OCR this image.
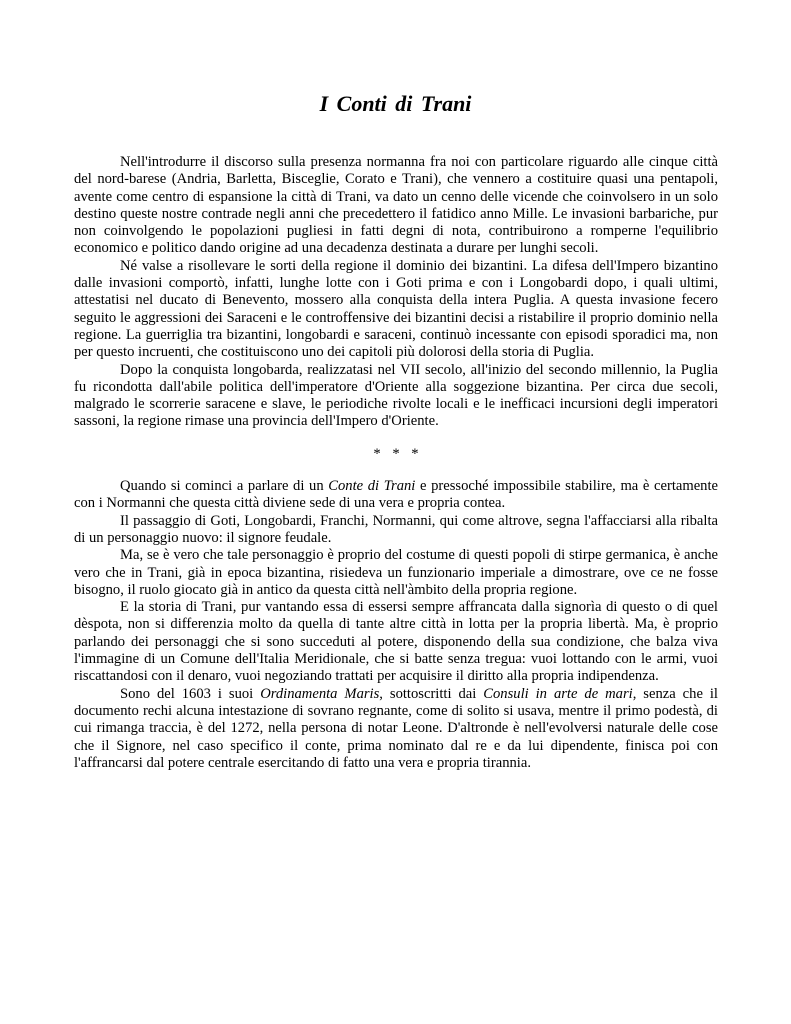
I Conti di Trani

Nell'introdurre il discorso sulla presenza normanna fra noi con particolare riguardo alle cinque città del nord-barese (Andria, Barletta, Bisceglie, Corato e Trani), che vennero a costituire quasi una pentapoli, avente come centro di espansione la città di Trani, va dato un cenno delle vicende che coinvolsero in un solo destino queste nostre contrade negli anni che precedettero il fatidico anno Mille. Le invasioni barbariche, pur non coinvolgendo le popolazioni pugliesi in fatti degni di nota, contribuirono a romperne l'equilibrio economico e politico dando origine ad una decadenza destinata a durare per lunghi secoli.

Né valse a risollevare le sorti della regione il dominio dei bizantini. La difesa dell'Impero bizantino dalle invasioni comportò, infatti, lunghe lotte con i Goti prima e con i Longobardi dopo, i quali ultimi, attestatisi nel ducato di Benevento, mossero alla conquista della intera Puglia. A questa invasione fecero seguito le aggressioni dei Saraceni e le controffensive dei bizantini decisi a ristabilire il proprio dominio nella regione. La guerriglia tra bizantini, longobardi e saraceni, continuò incessante con episodi sporadici ma, non per questo incruenti, che costituiscono uno dei capitoli più dolorosi della storia di Puglia.

Dopo la conquista longobarda, realizzatasi nel VII secolo, all'inizio del secondo millennio, la Puglia fu ricondotta dall'abile politica dell'imperatore d'Oriente alla soggezione bizantina. Per circa due secoli, malgrado le scorrerie saracene e slave, le periodiche rivolte locali e le inefficaci incursioni degli imperatori sassoni, la regione rimase una provincia dell'Impero d'Oriente.

* * *

Quando si cominci a parlare di un Conte di Trani e pressoché impossibile stabilire, ma è certamente con i Normanni che questa città diviene sede di una vera e propria contea.

Il passaggio di Goti, Longobardi, Franchi, Normanni, qui come altrove, segna l'affacciarsi alla ribalta di un personaggio nuovo: il signore feudale.

Ma, se è vero che tale personaggio è proprio del costume di questi popoli di stirpe germanica, è anche vero che in Trani, già in epoca bizantina, risiedeva un funzionario imperiale a dimostrare, ove ce ne fosse bisogno, il ruolo giocato già in antico da questa città nell'àmbito della propria regione.

E la storia di Trani, pur vantando essa di essersi sempre affrancata dalla signorìa di questo o di quel dèspota, non si differenzia molto da quella di tante altre città in lotta per la propria libertà. Ma, è proprio parlando dei personaggi che si sono succeduti al potere, disponendo della sua condizione, che balza viva l'immagine di un Comune dell'Italia Meridionale, che si batte senza tregua: vuoi lottando con le armi, vuoi riscattandosi con il denaro, vuoi negoziando trattati per acquisire il diritto alla propria indipendenza.

Sono del 1603 i suoi Ordinamenta Maris, sottoscritti dai Consuli in arte de mari, senza che il documento rechi alcuna intestazione di sovrano regnante, come di solito si usava, mentre il primo podestà, di cui rimanga traccia, è del 1272, nella persona di notar Leone. D'altronde è nell'evolversi naturale delle cose che il Signore, nel caso specifico il conte, prima nominato dal re e da lui dipendente, finisca poi con l'affrancarsi dal potere centrale esercitando di fatto una vera e propria tirannia.
